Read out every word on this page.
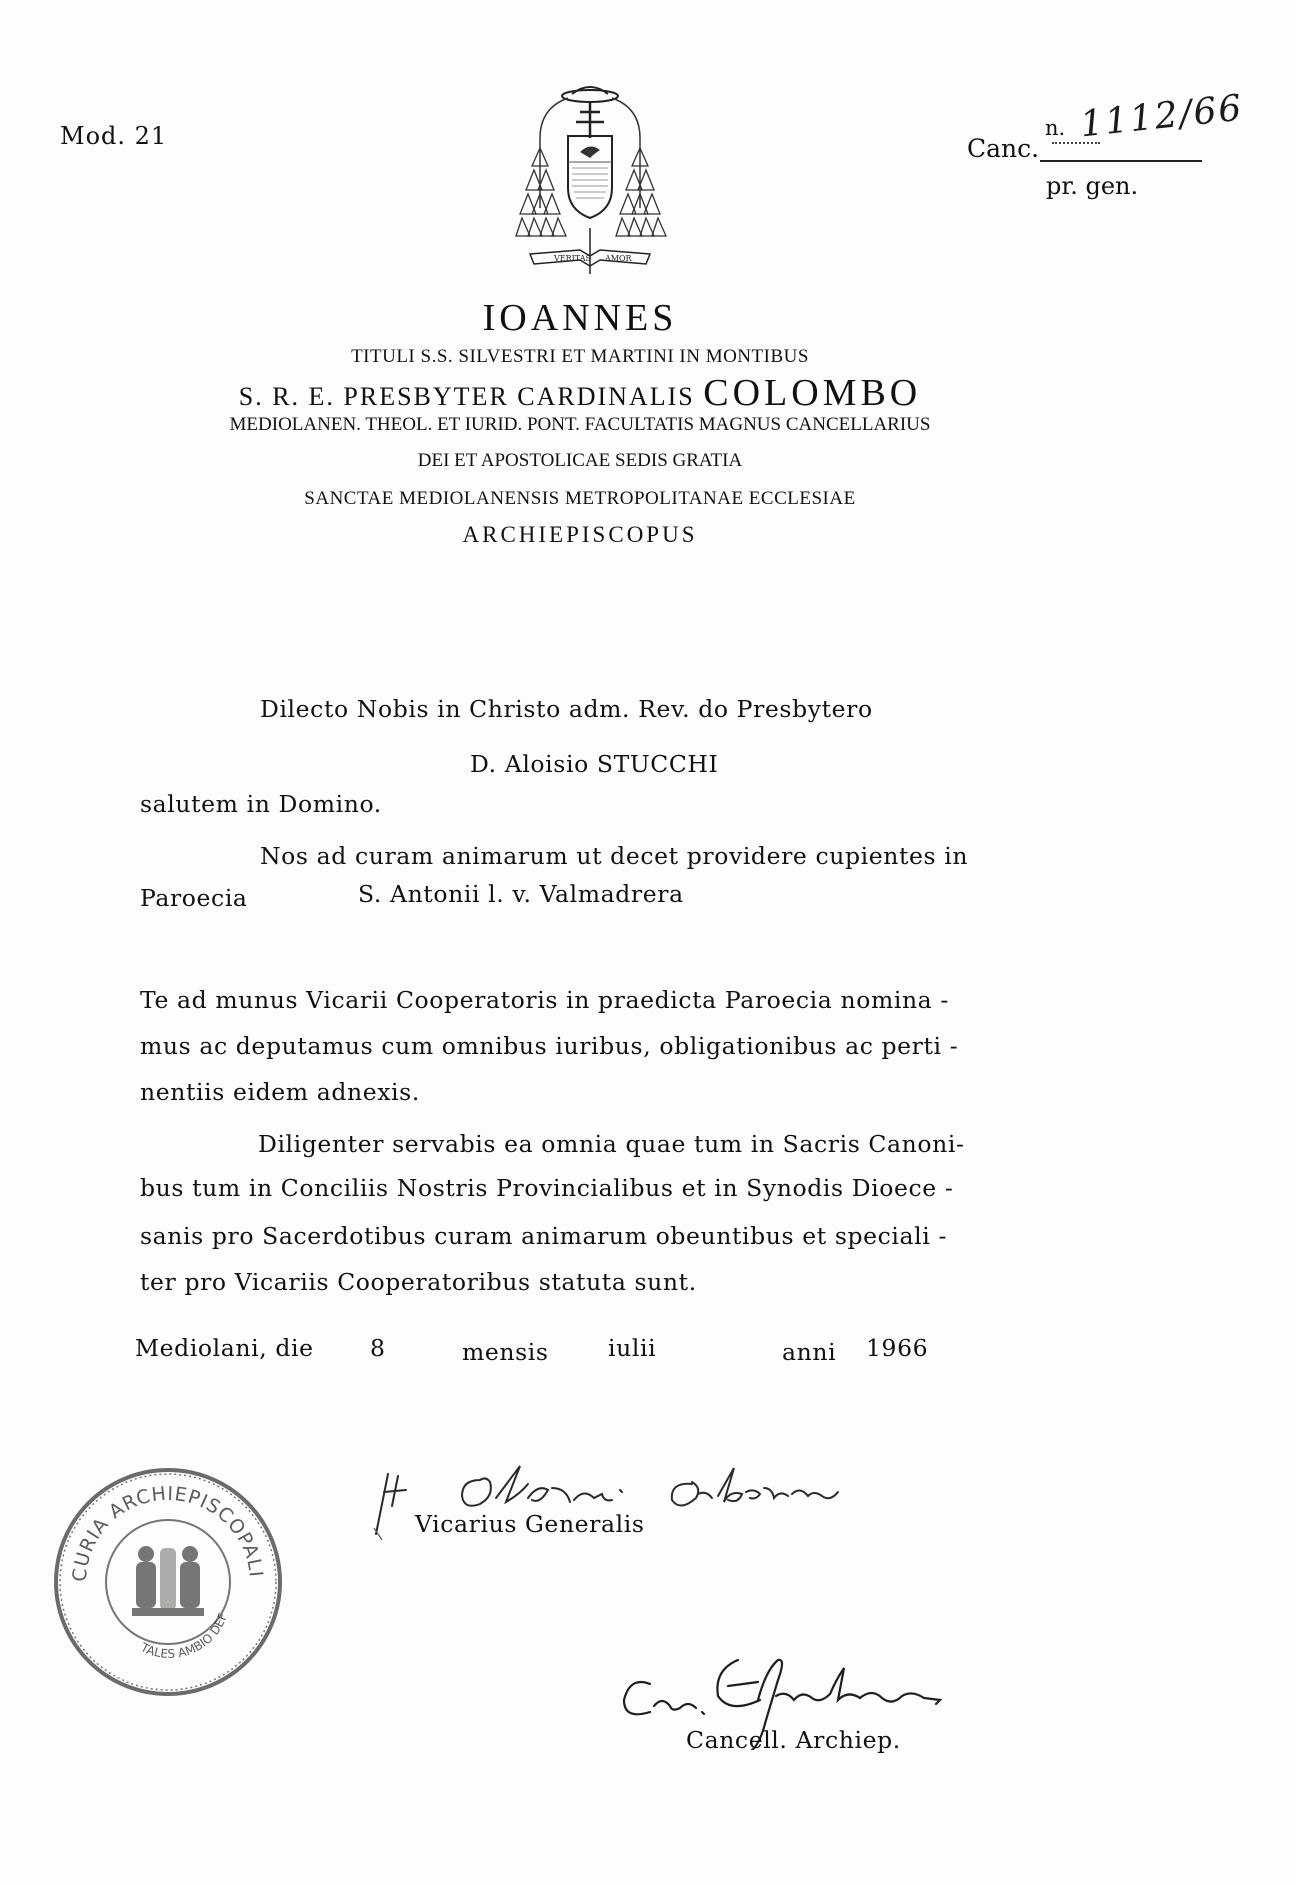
Mod. 21	Canc.
n. 1112/66
pr. gen.
VERITAS AMOR
IOANNES
TITULI S.S. SILVESTRI ET MARTINI IN MONTIBUS
S. R. E. PRESBYTER CARDINALIS COLOMBO
MEDIOLANEN. THEOL. ET IURID. PONT. FACULTATIS MAGNUS CANCELLARIUS
DEI ET APOSTOLICAE SEDIS GRATIA
SANCTAE MEDIOLANENSIS METROPOLITANAE ECCLESIAE
ARCHIEPISCOPUS
Dilecto Nobis in Christo adm. Rev. do Presbytero
D. Aloisio STUCCHI
salutem in Domino.
Nos ad curam animarum ut decet providere cupientes in
Paroecia	S. Antonii l. v. Valmadrera
Te ad munus Vicarii Cooperatoris in praedicta Paroecia nomina -
mus ac deputamus cum omnibus iuribus, obligationibus ac perti -
nentiis eidem adnexis.
Diligenter servabis ea omnia quae tum in Sacris Canoni-
bus tum in Conciliis Nostris Provincialibus et in Synodis Dioece -
sanis pro Sacerdotibus curam animarum obeuntibus et speciali -
ter pro Vicariis Cooperatoribus statuta sunt.
Mediolani, die 8	mensis	iulii	anni 1966
Vicarius Generalis
Cancell. Archiep.
CURIA ARCHIEPISCOPALI
TALES AMBIO DEF
